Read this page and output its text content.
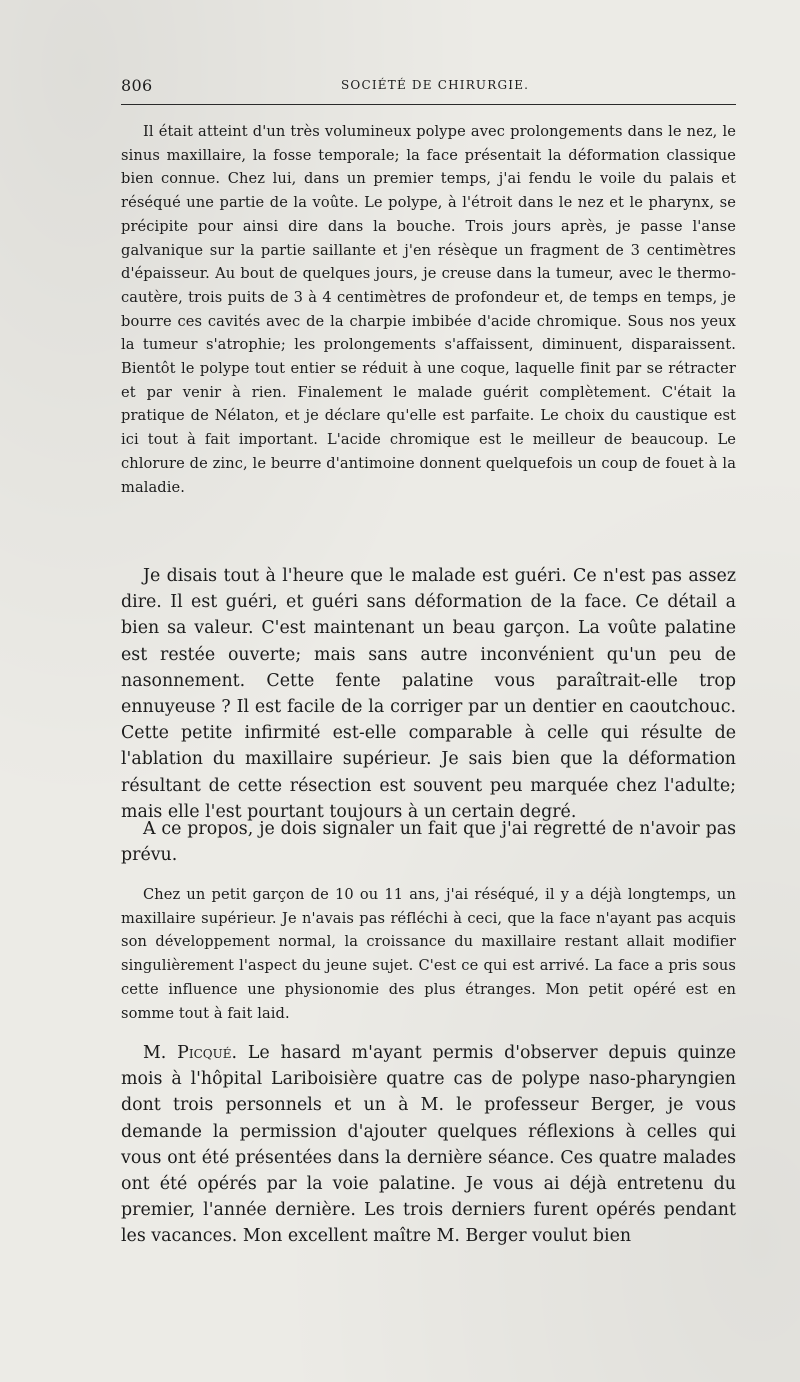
806	SOCIÉTÉ DE CHIRURGIE.

Il était atteint d'un très volumineux polype avec prolongements dans le nez, le sinus maxillaire, la fosse temporale; la face présentait la déformation classique bien connue. Chez lui, dans un premier temps, j'ai fendu le voile du palais et réséqué une partie de la voûte. Le polype, à l'étroit dans le nez et le pharynx, se précipite pour ainsi dire dans la bouche. Trois jours après, je passe l'anse galvanique sur la partie saillante et j'en résèque un fragment de 3 centimètres d'épaisseur. Au bout de quelques jours, je creuse dans la tumeur, avec le thermo-cautère, trois puits de 3 à 4 centimètres de profondeur et, de temps en temps, je bourre ces cavités avec de la charpie imbibée d'acide chromique. Sous nos yeux la tumeur s'atrophie; les prolongements s'affaissent, diminuent, disparaissent. Bientôt le polype tout entier se réduit à une coque, laquelle finit par se rétracter et par venir à rien. Finalement le malade guérit complètement. C'était la pratique de Nélaton, et je déclare qu'elle est parfaite. Le choix du caustique est ici tout à fait important. L'acide chromique est le meilleur de beaucoup. Le chlorure de zinc, le beurre d'antimoine donnent quelquefois un coup de fouet à la maladie.

Je disais tout à l'heure que le malade est guéri. Ce n'est pas assez dire. Il est guéri, et guéri sans déformation de la face. Ce détail a bien sa valeur. C'est maintenant un beau garçon. La voûte palatine est restée ouverte; mais sans autre inconvénient qu'un peu de nasonnement. Cette fente palatine vous paraîtrait-elle trop ennuyeuse ? Il est facile de la corriger par un dentier en caoutchouc. Cette petite infirmité est-elle comparable à celle qui résulte de l'ablation du maxillaire supérieur. Je sais bien que la déformation résultant de cette résection est souvent peu marquée chez l'adulte; mais elle l'est pourtant toujours à un certain degré.

A ce propos, je dois signaler un fait que j'ai regretté de n'avoir pas prévu.

Chez un petit garçon de 10 ou 11 ans, j'ai réséqué, il y a déjà longtemps, un maxillaire supérieur. Je n'avais pas réfléchi à ceci, que la face n'ayant pas acquis son développement normal, la croissance du maxillaire restant allait modifier singulièrement l'aspect du jeune sujet. C'est ce qui est arrivé. La face a pris sous cette influence une physionomie des plus étranges. Mon petit opéré est en somme tout à fait laid.

M. Picqué. Le hasard m'ayant permis d'observer depuis quinze mois à l'hôpital Lariboisière quatre cas de polype naso-pharyngien dont trois personnels et un à M. le professeur Berger, je vous demande la permission d'ajouter quelques réflexions à celles qui vous ont été présentées dans la dernière séance. Ces quatre malades ont été opérés par la voie palatine. Je vous ai déjà entretenu du premier, l'année dernière. Les trois derniers furent opérés pendant les vacances. Mon excellent maître M. Berger voulut bien
